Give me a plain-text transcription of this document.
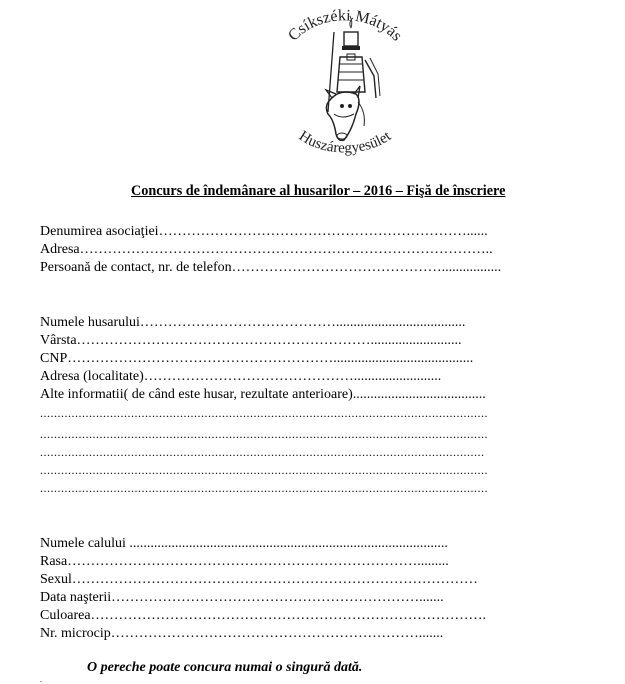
Csíkszéki Mátyás
Huszáregyesület
Concurs de îndemânare al husarilor – 2016 – Fişă de înscriere
Denumirea asociaţiei…………………………………………………………......
Adresa……………………………………………………………………………..
Persoană de contact, nr. de telefon……………………………………….................
Numele husarului…………………………………….....................................
Vârsta………………………………………………………..........................
CNP…………………………………………………........................................
Adresa (localitate)……………………………………….........................
Alte informatii( de când este husar, rezultate anterioare)......................................
................................................................................................................................
................................................................................................................................
...............................................................................................................................
................................................................................................................................
................................................................................................................................
Numele calului ...........................................................................................
Rasa………………………………………………………………….........
Sexul……………………………………………………………………………
Data naşterii………………………………………………………….......
Culoarea………………………………………………………………………….
Nr. microcip………………………………………………………….......
O pereche poate concura numai o singură dată.
.
